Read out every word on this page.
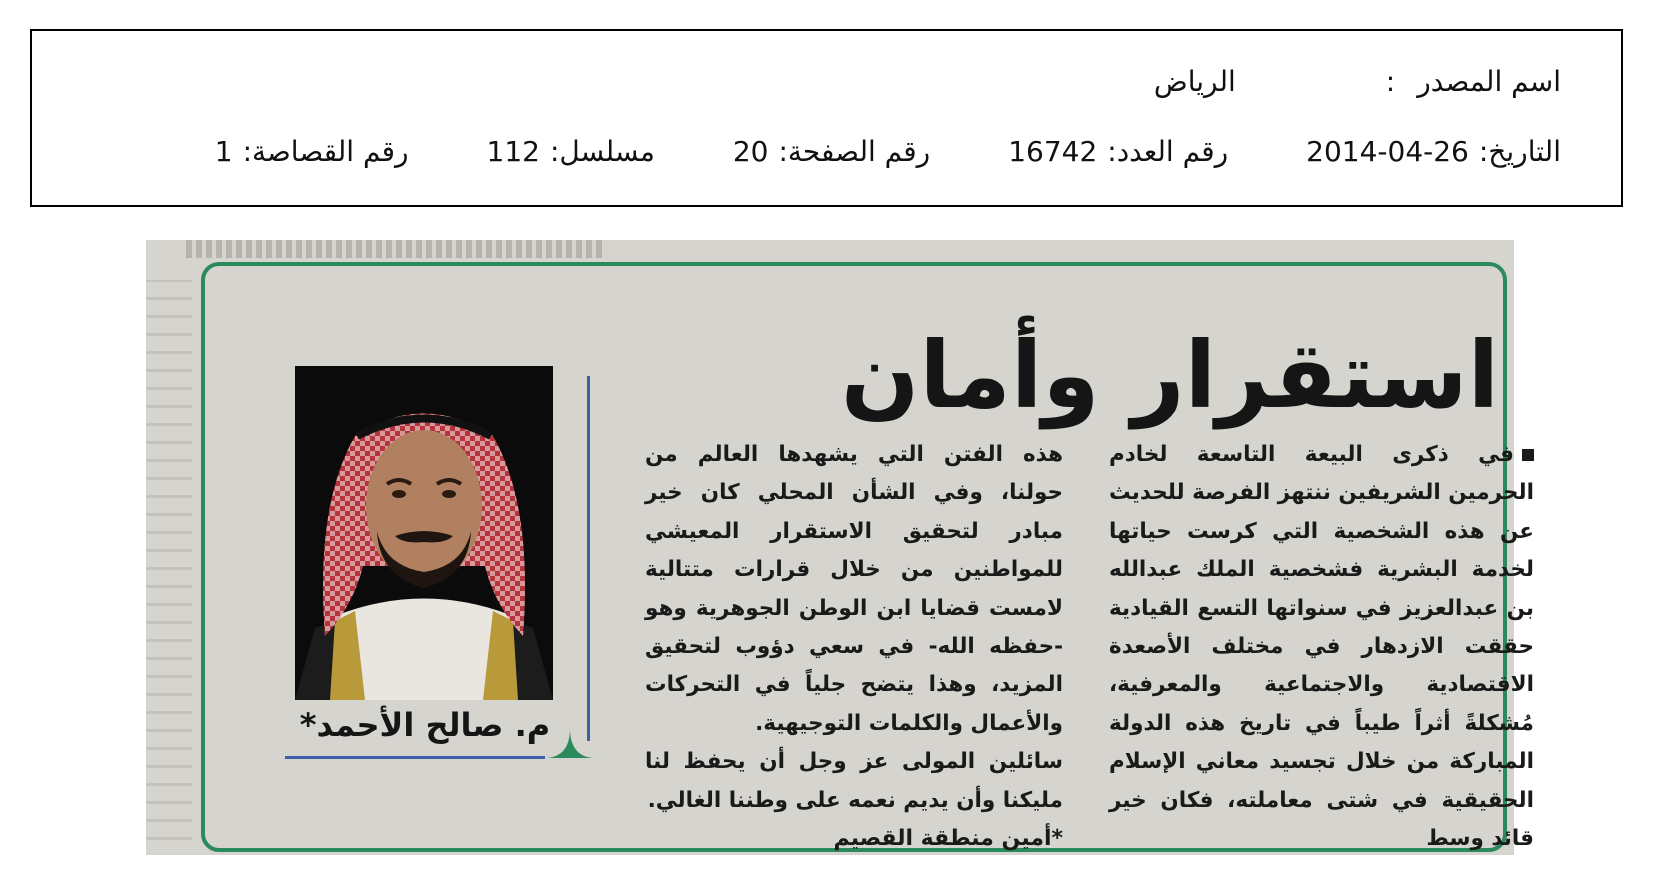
اسم المصدر
:
الرياض
التاريخ:
2014-04-26
رقم العدد:
16742
رقم الصفحة:
20
مسلسل:
112
رقم القصاصة:
1
استقرار وأمان

في ذكرى البيعة التاسعة لخادم الحرمين الشريفين ننتهز الفرصة للحديث عن هذه الشخصية التي كرست حياتها لخدمة البشرية فشخصية الملك عبدالله بن عبدالعزيز في سنواتها التسع القيادية حققت الازدهار في مختلف الأصعدة الاقتصادية والاجتماعية والمعرفية، مُشكلةً أثراً طيباً في تاريخ هذه الدولة المباركة من خلال تجسيد معاني الإسلام الحقيقية في شتى معاملته، فكان خير قائد وسط

هذه الفتن التي يشهدها العالم من حولنا، وفي الشأن المحلي كان خير مبادر لتحقيق الاستقرار المعيشي للمواطنين من خلال قرارات متتالية لامست قضايا ابن الوطن الجوهرية وهو -حفظه الله- في سعي دؤوب لتحقيق المزيد، وهذا يتضح جلياً في التحركات والأعمال والكلمات التوجيهية.

سائلين المولى عز وجل أن يحفظ لنا مليكنا وأن يديم نعمه على وطننا الغالي.

*أمين منطقة القصيم

م. صالح الأحمد*
